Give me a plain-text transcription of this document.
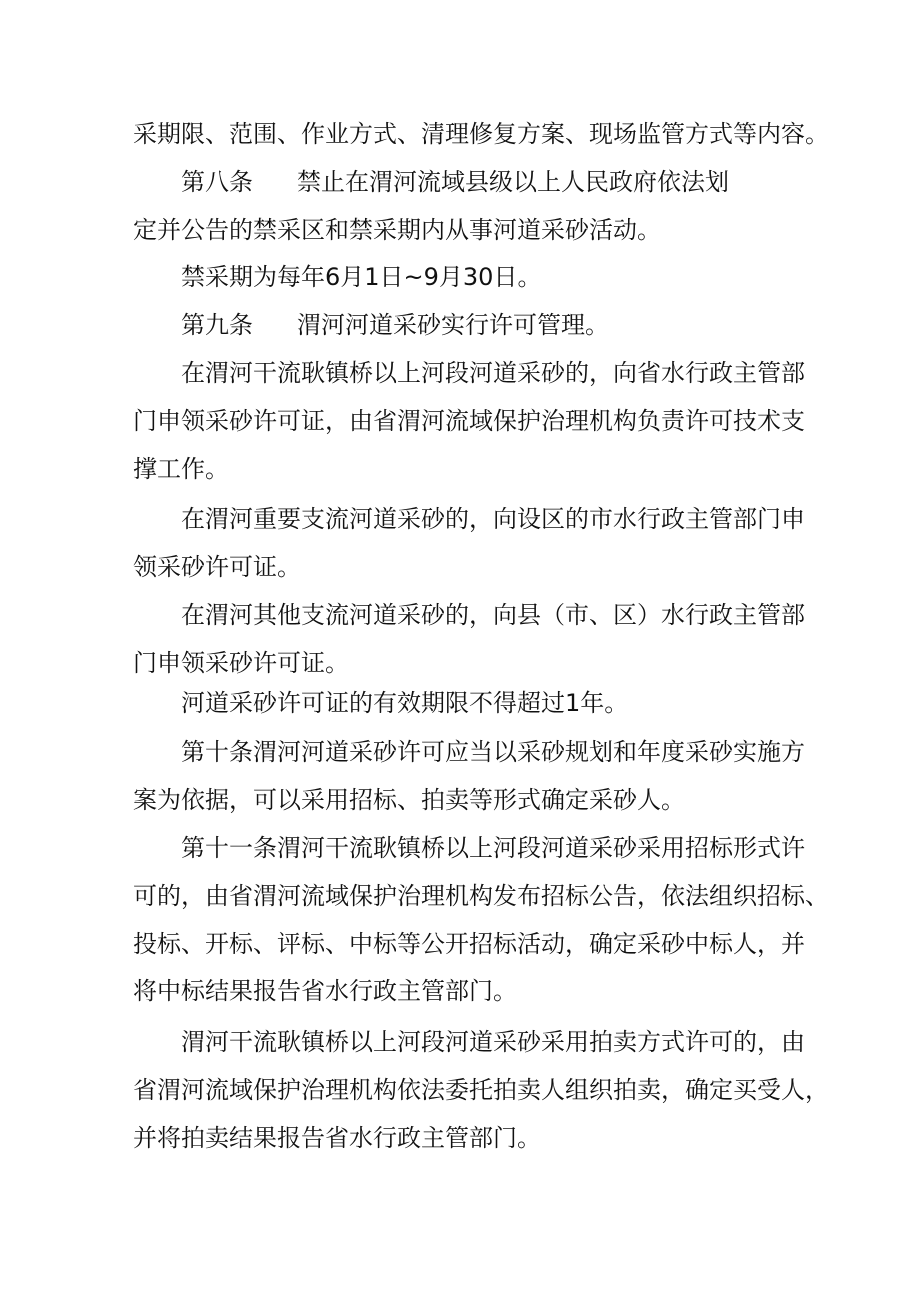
采期限、范围、作业方式、清理修复方案、现场监管方式等内容。
第八条 禁止在渭河流域县级以上人民政府依法划
定并公告的禁采区和禁采期内从事河道采砂活动。
禁采期为每年6月1日~9月30日。
第九条 渭河河道采砂实行许可管理。
在渭河干流耿镇桥以上河段河道采砂的，向省水行政主管部
门申领采砂许可证，由省渭河流域保护治理机构负责许可技术支
撑工作。
在渭河重要支流河道采砂的，向设区的市水行政主管部门申
领采砂许可证。
在渭河其他支流河道采砂的，向县（市、区）水行政主管部
门申领采砂许可证。
河道采砂许可证的有效期限不得超过1年。
第十条渭河河道采砂许可应当以采砂规划和年度采砂实施方
案为依据，可以采用招标、拍卖等形式确定采砂人。
第十一条渭河干流耿镇桥以上河段河道采砂采用招标形式许
可的，由省渭河流域保护治理机构发布招标公告，依法组织招标、
投标、开标、评标、中标等公开招标活动，确定采砂中标人，并
将中标结果报告省水行政主管部门。
渭河干流耿镇桥以上河段河道采砂采用拍卖方式许可的，由
省渭河流域保护治理机构依法委托拍卖人组织拍卖，确定买受人，
并将拍卖结果报告省水行政主管部门。
